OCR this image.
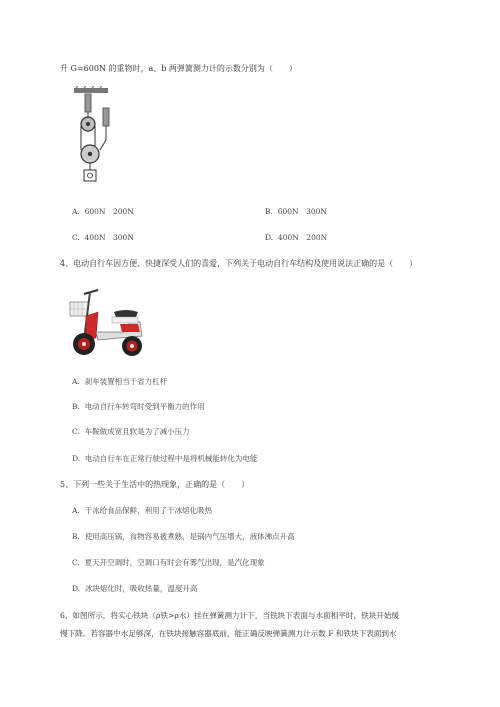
升 G=600N 的重物时，a、b 两弹簧测力计的示数分别为（　　）
A. 600N　200N	B. 600N　300N
C. 400N　300N	D. 400N　200N
4、电动自行车因方便、快捷深受人们的喜爱，下列关于电动自行车结构及使用说法正确的是（　　）
A. 刹车装置相当于省力杠杆
B. 电动自行车转弯时受到平衡力的作用
C. 车鞍做成宽且软是为了减小压力
D. 电动自行车在正常行驶过程中是将机械能转化为电能
5、下列一些关于生活中的热现象，正确的是（　　）
A. 干冰给食品保鲜，利用了干冰熔化吸热
B. 使用高压锅，食物容易被煮熟，是锅内气压增大，液体沸点升高
C. 夏天开空调时，空调口有时会有雾气出现，是汽化现象
D. 冰块熔化时，吸收热量，温度升高
6、如图所示，将实心铁块（ρ铁>ρ水）挂在弹簧测力计下，当铁块下表面与水面相平时，铁块开始缓
慢下降。若容器中水足够深，在铁块接触容器底前，能正确反映弹簧测力计示数 F 和铁块下表面到水
